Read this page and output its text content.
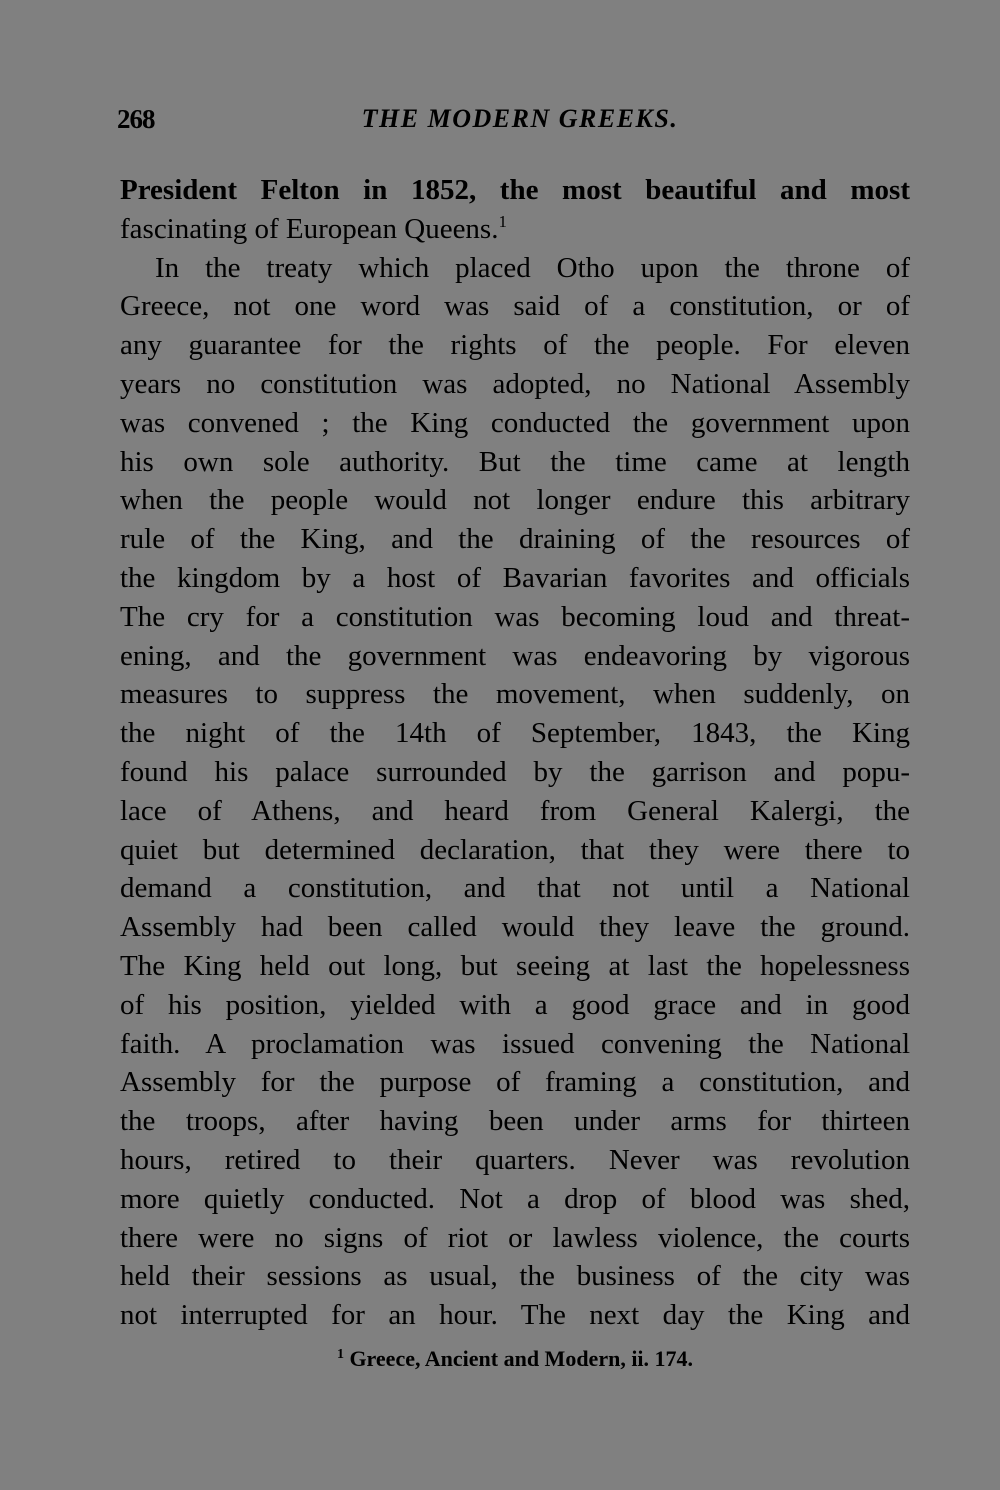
268	THE MODERN GREEKS.
President Felton in 1852, the most beautiful and most
fascinating of European Queens.$^1$
In the treaty which placed Otho upon the throne of
Greece, not one word was said of a constitution, or of
any guarantee for the rights of the people. For eleven
years no constitution was adopted, no National Assembly
was convened ; the King conducted the government upon
his own sole authority. But the time came at length
when the people would not longer endure this arbitrary
rule of the King, and the draining of the resources of
the kingdom by a host of Bavarian favorites and officials
The cry for a constitution was becoming loud and threat-
ening, and the government was endeavoring by vigorous
measures to suppress the movement, when suddenly, on
the night of the 14th of September, 1843, the King
found his palace surrounded by the garrison and popu-
lace of Athens, and heard from General Kalergi, the
quiet but determined declaration, that they were there to
demand a constitution, and that not until a National
Assembly had been called would they leave the ground.
The King held out long, but seeing at last the hopelessness
of his position, yielded with a good grace and in good
faith. A proclamation was issued convening the National
Assembly for the purpose of framing a constitution, and
the troops, after having been under arms for thirteen
hours, retired to their quarters. Never was revolution
more quietly conducted. Not a drop of blood was shed,
there were no signs of riot or lawless violence, the courts
held their sessions as usual, the business of the city was
not interrupted for an hour. The next day the King and
$^1$ Greece, Ancient and Modern, ii. 174.
